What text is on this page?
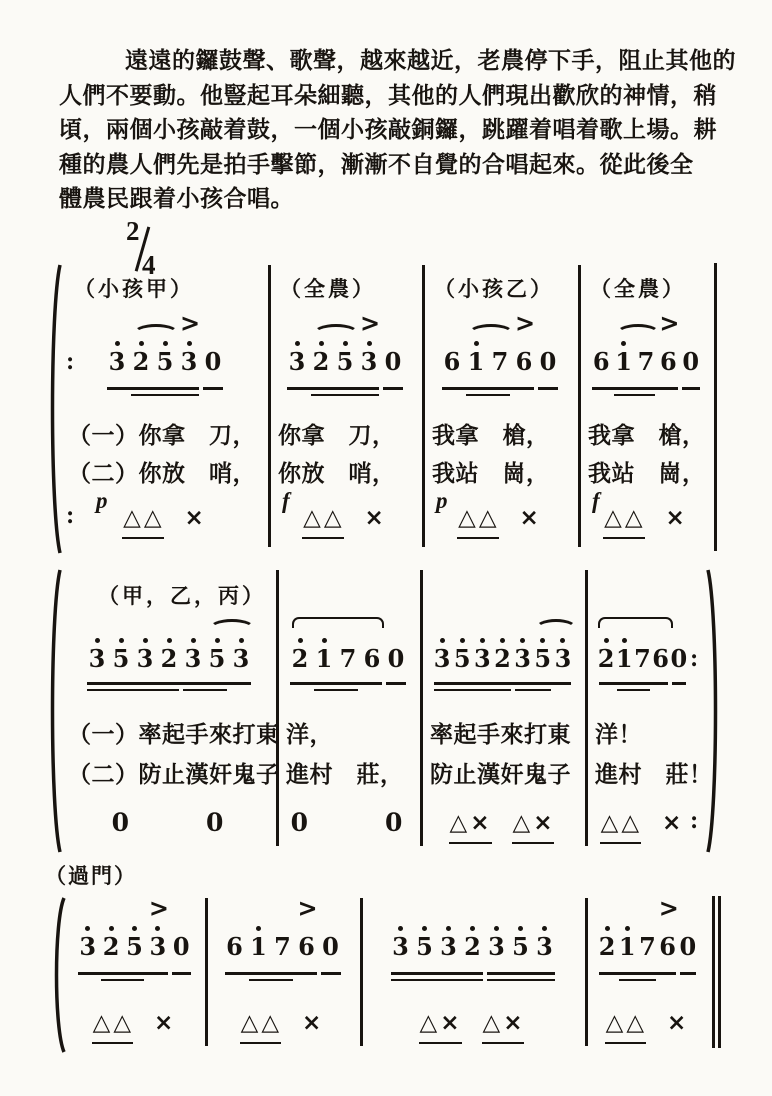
遠遠的鑼鼓聲、歌聲，越來越近，老農停下手，阻止其他的
人們不要動。他豎起耳朵細聽，其他的人們現出歡欣的神情，稍
頃，兩個小孩敲着鼓，一個小孩敲銅鑼，跳躍着唱着歌上場。耕
種的農人們先是拍手擊節，漸漸不自覺的合唱起來。從此後全
體農民跟着小孩合唱。
2
4
:
:
（小孩甲）
3 2 5 3 0
>
（一）你拿　刀，
（二）你放　哨，
△△ ×
p
（全農）
3 2 5 3 0
>
你拿　刀，
你放　哨，
△△ ×
f
（小孩乙）
6 1 7 6 0
>
我拿　槍，
我站　崗，
△△ ×
p
（全農）
6 1 7 6 0
>
我拿　槍，
我站　崗，
△△ ×
f
（甲，乙，丙）
:
:
3 5 3 2 3 5 3
（一）率起手來打東
（二）防止漢奸鬼子
0	0
2 1 7 6 0
洋，
進村　莊，
0	0
3 5 3 2 3 5 3
率起手來打東
防止漢奸鬼子
△× △×
2 1 7 6 0
洋！
進村　莊！
△△ ×
3 2 5 3 0
>
△△ ×
6 1 7 6 0
>
△△ ×
3 5 3 2 3 5 3
△× △×
2 1 7 6 0
>
△△ ×
（過門）
